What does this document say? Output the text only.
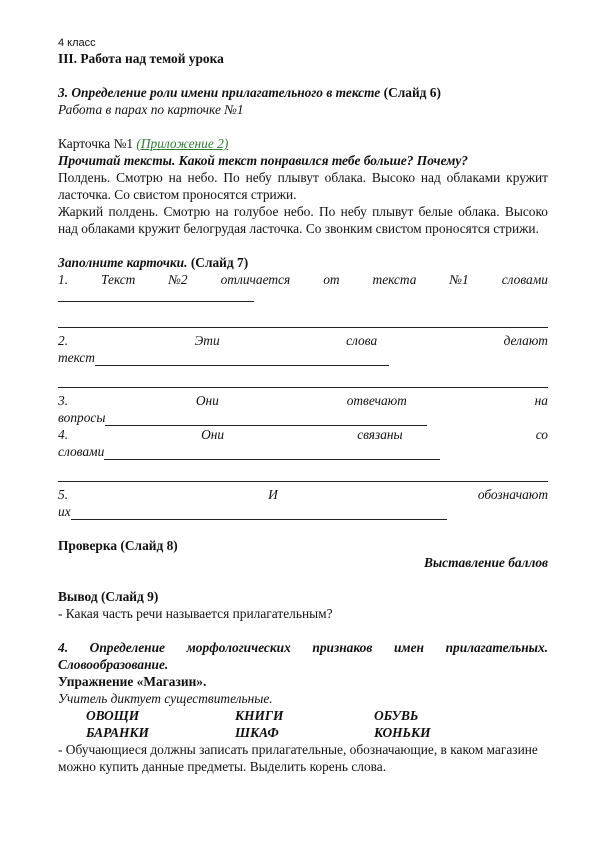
4 класс
III. Работа над темой урока
3. Определение роли имени прилагательного в тексте (Слайд 6)
Работа в парах по карточке №1
Карточка №1 (Приложение 2)
Прочитай тексты. Какой текст понравился тебе больше? Почему?

Полдень. Смотрю на небо. По небу плывут облака. Высоко над облаками кружит ласточка. Со свистом проносятся стрижи.

Жаркий полдень. Смотрю на голубое небо. По небу плывут белые облака. Высоко над облаками кружит белогрудая ласточка. Со звонким свистом проносятся стрижи.

Заполните карточки. (Слайд 7)
1. Текст №2 отличается от текста №1 словами
2.	Эти	слова	делают
текст
3.	Они	отвечают	на
вопросы
4.	Они	связаны	со
словами
5.	И	обозначают
их
Проверка (Слайд 8)
Выставление баллов
Вывод (Слайд 9)
- Какая часть речи называется прилагательным?
4. Определение морфологических признаков имен прилагательных. Словообразование.
Упражнение «Магазин».
Учитель диктует существительные.
ОВОЩИ	КНИГИ	ОБУВЬ
БАРАНКИ	ШКАФ	КОНЬКИ
- Обучающиеся должны записать прилагательные, обозначающие, в каком магазине можно купить данные предметы. Выделить корень слова.
